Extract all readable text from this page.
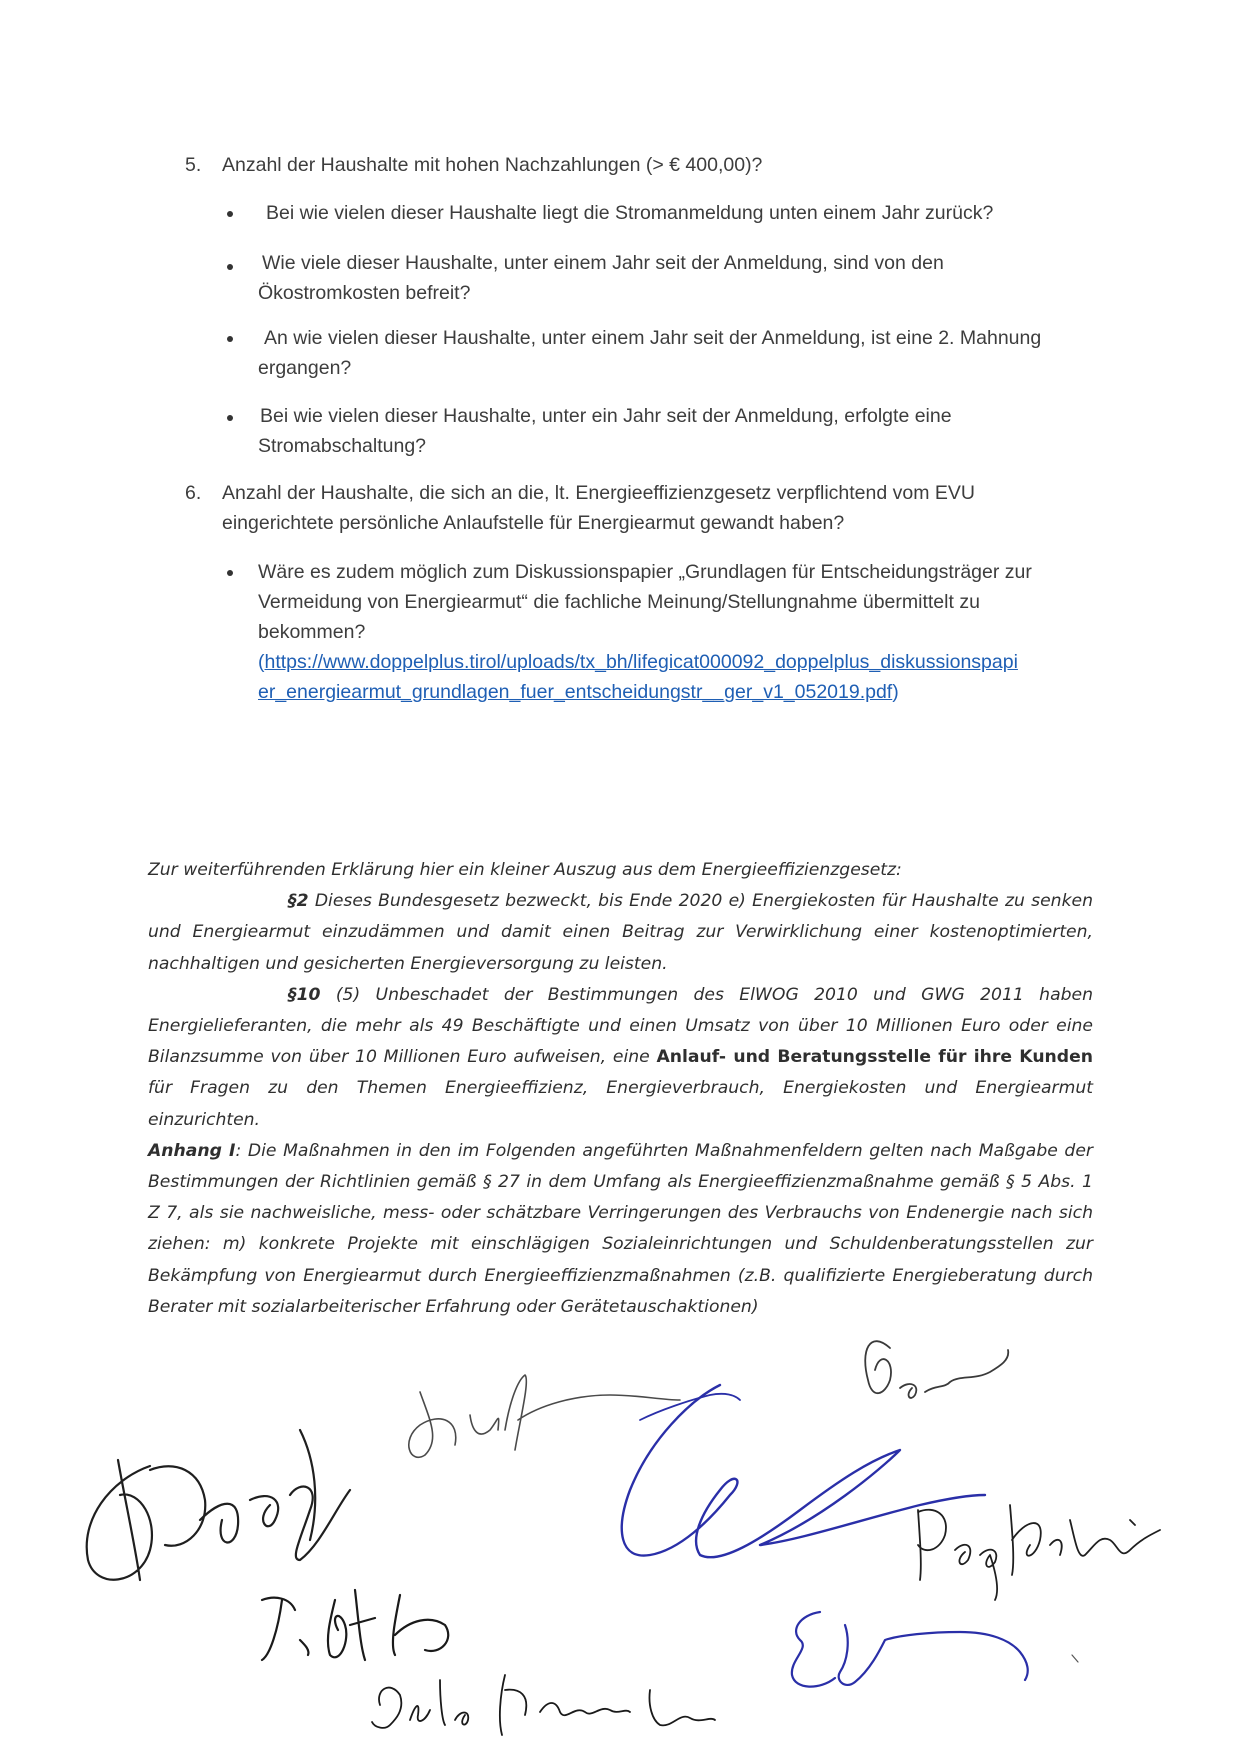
5. Anzahl der Haushalte mit hohen Nachzahlungen (> € 400,00)?
Bei wie vielen dieser Haushalte liegt die Stromanmeldung unten einem Jahr zurück?
Wie viele dieser Haushalte, unter einem Jahr seit der Anmeldung, sind von den
Ökostromkosten befreit?
An wie vielen dieser Haushalte, unter einem Jahr seit der Anmeldung, ist eine 2. Mahnung
ergangen?
Bei wie vielen dieser Haushalte, unter ein Jahr seit der Anmeldung, erfolgte eine
Stromabschaltung?
6. Anzahl der Haushalte, die sich an die, lt. Energieeffizienzgesetz verpflichtend vom EVU
eingerichtete persönliche Anlaufstelle für Energiearmut gewandt haben?
Wäre es zudem möglich zum Diskussionspapier „Grundlagen für Entscheidungsträger zur
Vermeidung von Energiearmut“ die fachliche Meinung/Stellungnahme übermittelt zu
bekommen?
(https://www.doppelplus.tirol/uploads/tx_bh/lifegicat000092_doppelplus_diskussionspapi
er_energiearmut_grundlagen_fuer_entscheidungstr__ger_v1_052019.pdf)

Zur weiterführenden Erklärung hier ein kleiner Auszug aus dem Energieeffizienzgesetz:

§2 Dieses Bundesgesetz bezweckt, bis Ende 2020 e) Energiekosten für Haushalte zu senken und Energiearmut einzudämmen und damit einen Beitrag zur Verwirklichung einer kostenoptimierten, nachhaltigen und gesicherten Energieversorgung zu leisten.

§10 (5) Unbeschadet der Bestimmungen des ElWOG 2010 und GWG 2011 haben Energielieferanten, die mehr als 49 Beschäftigte und einen Umsatz von über 10 Millionen Euro oder eine Bilanzsumme von über 10 Millionen Euro aufweisen, eine Anlauf- und Beratungsstelle für ihre Kunden für Fragen zu den Themen Energieeffizienz, Energieverbrauch, Energiekosten und Energiearmut einzurichten.

Anhang I: Die Maßnahmen in den im Folgenden angeführten Maßnahmenfeldern gelten nach Maßgabe der Bestimmungen der Richtlinien gemäß § 27 in dem Umfang als Energieeffizienzmaßnahme gemäß § 5 Abs. 1 Z 7, als sie nachweisliche, mess- oder schätzbare Verringerungen des Verbrauchs von Endenergie nach sich ziehen: m) konkrete Projekte mit einschlägigen Sozialeinrichtungen und Schuldenberatungsstellen zur Bekämpfung von Energiearmut durch Energieeffizienzmaßnahmen (z.B. qualifizierte Energieberatung durch Berater mit sozialarbeiterischer Erfahrung oder Gerätetauschaktionen)
